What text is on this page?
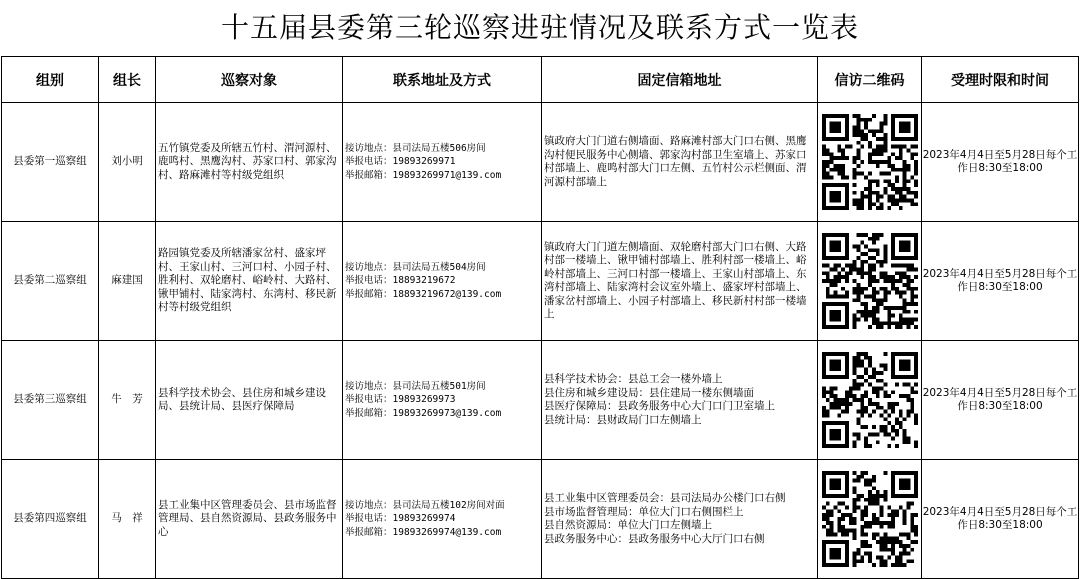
十五届县委第三轮巡察进驻情况及联系方式一览表
组别	组长	巡察对象	联系地址及方式	固定信箱地址	信访二维码	受理时限和时间
县委第一巡察组	刘小明	五竹镇党委及所辖五竹村、渭河源村、鹿鸣村、黑鹰沟村、苏家口村、郭家沟村、路麻滩村等村级党组织	接访地点：县司法局五楼506房间
举报电话：19893269971
举报邮箱：19893269971@139.com	镇政府大门门道右侧墙面、路麻滩村部大门口右侧、黑鹰沟村便民服务中心侧墙、郭家沟村部卫生室墙上、苏家口村部墙上、鹿鸣村部大门口左侧、五竹村公示栏侧面、渭河源村部墙上		2023年4月4日至5月28日每个工作日8:30至18:00
县委第二巡察组	麻建国	路园镇党委及所辖潘家岔村、盛家坪村、王家山村、三河口村、小园子村、胜利村、双轮磨村、峪岭村、大路村、锹甲铺村、陆家湾村、东湾村、移民新村等村级党组织	接访地点：县司法局五楼504房间
举报电话：18893219672
举报邮箱：18893219672@139.com	镇政府大门门道左侧墙面、双轮磨村部大门口右侧、大路村部一楼墙上、锹甲铺村部墙上、胜利村部一楼墙上、峪岭村部墙上、三河口村部一楼墙上、王家山村部墙上、东湾村部墙上、陆家湾村会议室外墙上、盛家坪村部墙上、潘家岔村部墙上、小园子村部墙上、移民新村村部一楼墙上		2023年4月4日至5月28日每个工作日8:30至18:00
县委第三巡察组	牛　芳	县科学技术协会、县住房和城乡建设局、县统计局、县医疗保障局	接访地点：县司法局五楼501房间
举报电话：19893269973
举报邮箱：19893269973@139.com	县科学技术协会：县总工会一楼外墙上
县住房和城乡建设局：县住建局一楼东侧墙面
县医疗保障局：县政务服务中心大门口门卫室墙上
县统计局：县财政局门口左侧墙上		2023年4月4日至5月28日每个工作日8:30至18:00
县委第四巡察组	马　祥	县工业集中区管理委员会、县市场监督管理局、县自然资源局、县政务服务中心	接访地点：县司法局五楼102房间对面
举报电话：19893269974
举报邮箱：19893269974@139.com	县工业集中区管理委员会：县司法局办公楼门口右侧
县市场监督管理局：单位大门口右侧围栏上
县自然资源局：单位大门口左侧墙上
县政务服务中心：县政务服务中心大厅门口右侧		2023年4月4日至5月28日每个工作日8:30至18:00
